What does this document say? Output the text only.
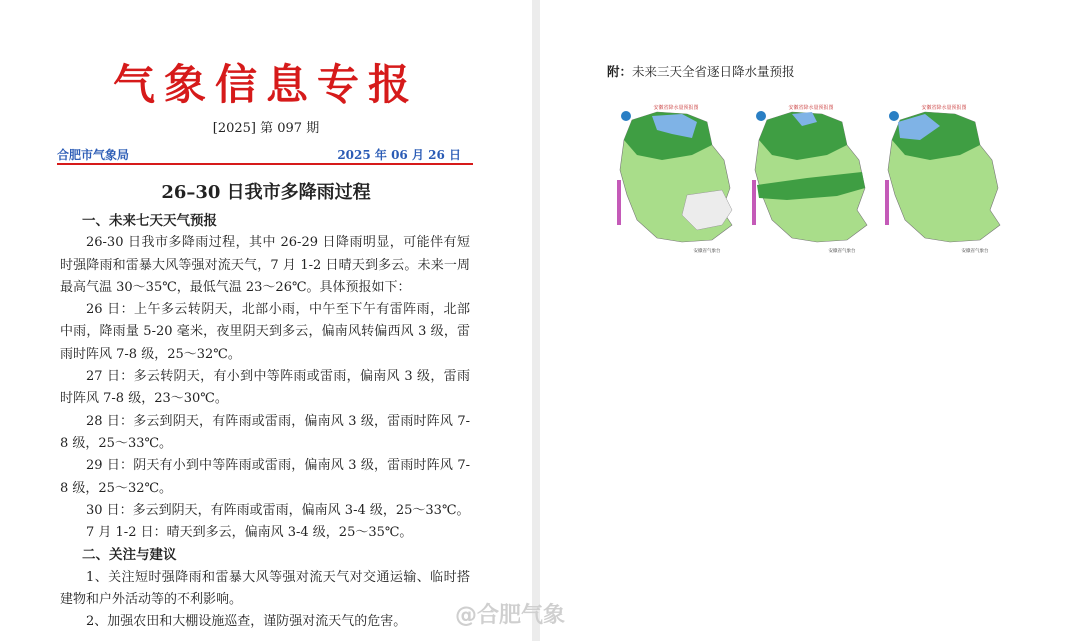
气象信息专报
[2025] 第 097 期
合肥市气象局	2025 年 06 月 26 日
26–30 日我市多降雨过程

一、未来七天天气预报

26-30 日我市多降雨过程，其中 26-29 日降雨明显，可能伴有短时强降雨和雷暴大风等强对流天气，7 月 1-2 日晴天到多云。未来一周最高气温 30～35℃，最低气温 23～26℃。具体预报如下：

26 日：上午多云转阴天，北部小雨，中午至下午有雷阵雨，北部中雨，降雨量 5-20 毫米，夜里阴天到多云，偏南风转偏西风 3 级，雷雨时阵风 7-8 级，25～32℃。

27 日：多云转阴天，有小到中等阵雨或雷雨，偏南风 3 级，雷雨时阵风 7-8 级，23～30℃。

28 日：多云到阴天，有阵雨或雷雨，偏南风 3 级，雷雨时阵风 7-8 级，25～33℃。

29 日：阴天有小到中等阵雨或雷雨，偏南风 3 级，雷雨时阵风 7-8 级，25～32℃。

30 日：多云到阴天，有阵雨或雷雨，偏南风 3-4 级，25～33℃。

7 月 1-2 日：晴天到多云，偏南风 3-4 级，25～35℃。

二、关注与建议

1、关注短时强降雨和雷暴大风等强对流天气对交通运输、临时搭建物和户外活动等的不利影响。

2、加强农田和大棚设施巡查，谨防强对流天气的危害。

附：未来三天全省逐日降水量预报
安徽省降水量预报图
安徽省气象台
安徽省降水量预报图
安徽省气象台
安徽省降水量预报图
安徽省气象台
@合肥气象
